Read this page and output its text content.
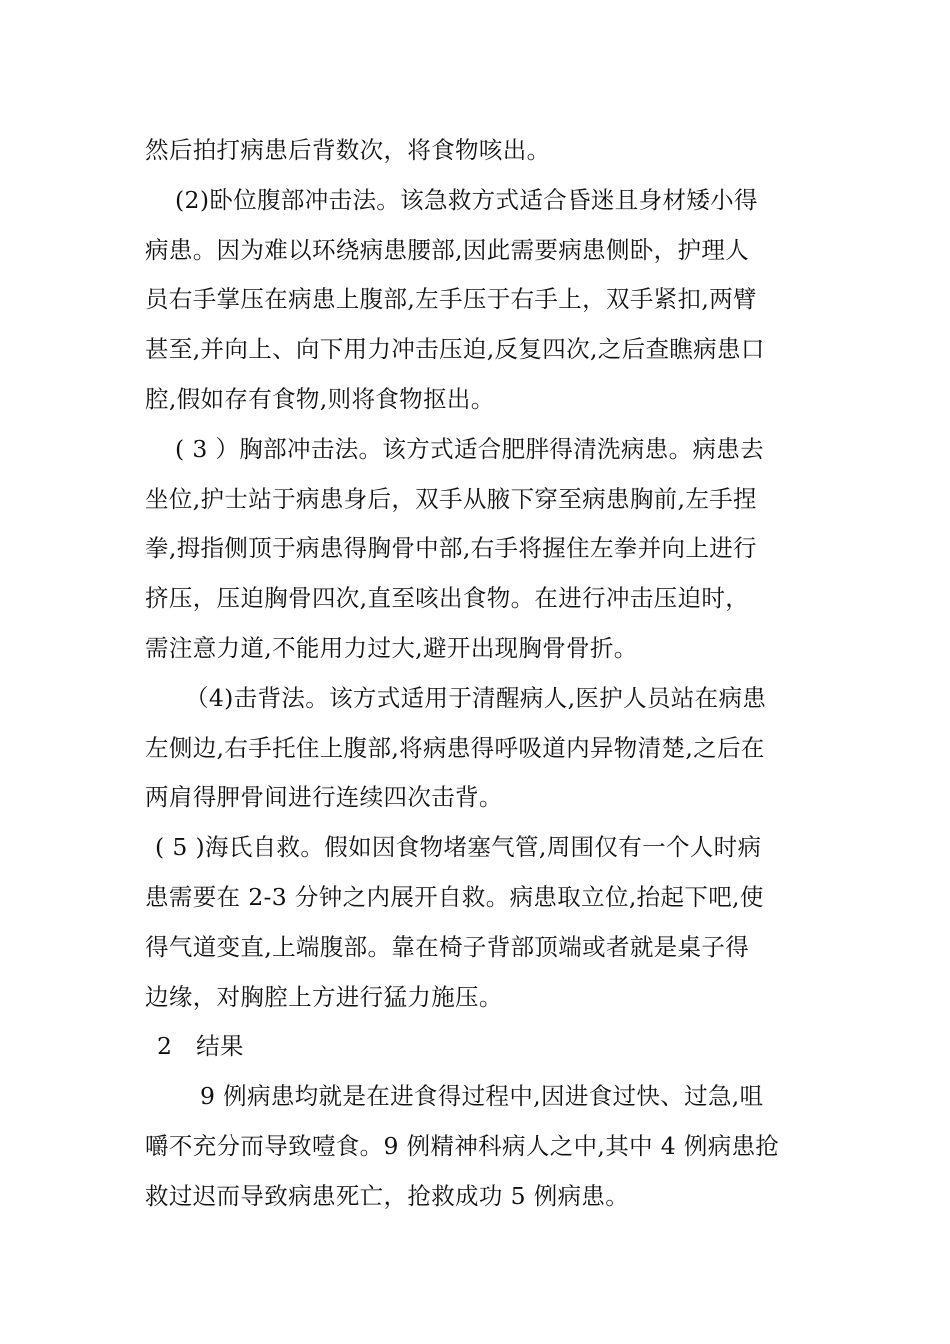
然后拍打病患后背数次，将食物咳出。

(2)卧位腹部冲击法。该急救方式适合昏迷且身材矮小得
病患。因为难以环绕病患腰部,因此需要病患侧卧，护理人
员右手掌压在病患上腹部,左手压于右手上，双手紧扣,两臂
甚至,并向上、向下用力冲击压迫,反复四次,之后查瞧病患口
腔,假如存有食物,则将食物抠出。

( 3 ）胸部冲击法。该方式适合肥胖得清洗病患。病患去
坐位,护士站于病患身后，双手从腋下穿至病患胸前,左手捏
拳,拇指侧顶于病患得胸骨中部,右手将握住左拳并向上进行
挤压，压迫胸骨四次,直至咳出食物。在进行冲击压迫时，
需注意力道,不能用力过大,避开出现胸骨骨折。

（4)击背法。该方式适用于清醒病人,医护人员站在病患
左侧边,右手托住上腹部,将病患得呼吸道内异物清楚,之后在
两肩得胛骨间进行连续四次击背。

( 5 )海氏自救。假如因食物堵塞气管,周围仅有一个人时病
患需要在 2-3 分钟之内展开自救。病患取立位,抬起下吧,使
得气道变直,上端腹部。靠在椅子背部顶端或者就是桌子得
边缘，对胸腔上方进行猛力施压。

2　结果

9 例病患均就是在进食得过程中,因进食过快、过急,咀
嚼不充分而导致噎食。9 例精神科病人之中,其中 4 例病患抢
救过迟而导致病患死亡，抢救成功 5 例病患。
